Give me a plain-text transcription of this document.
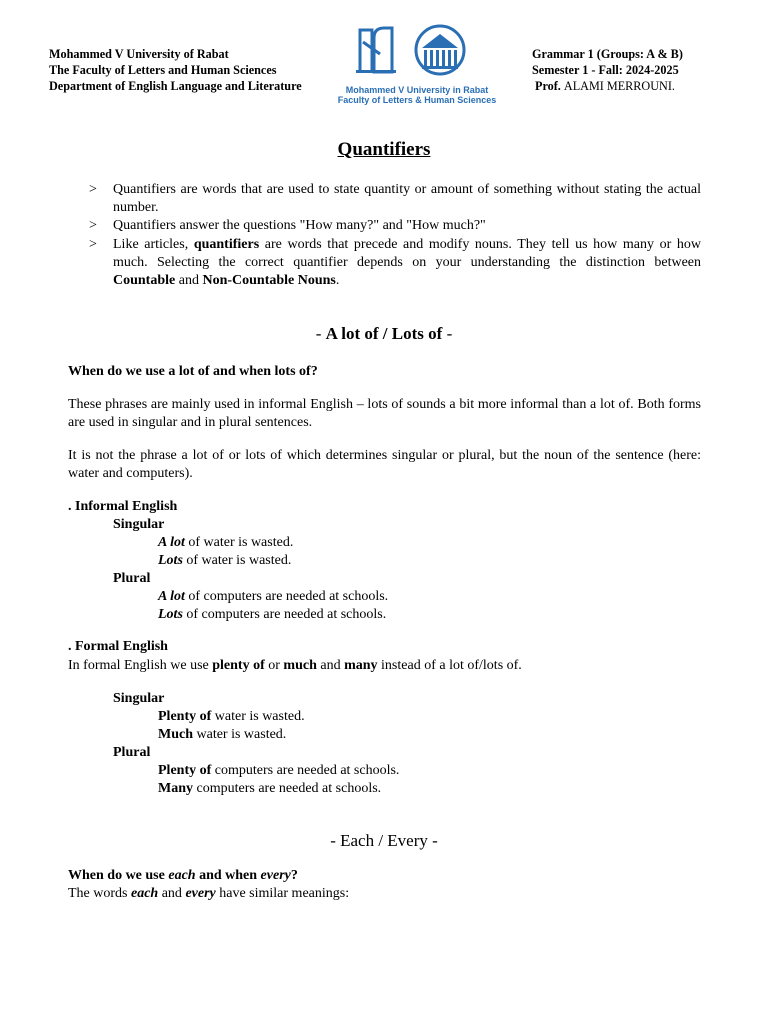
Mohammed V University of Rabat
The Faculty of Letters and Human Sciences
Department of English Language and Literature	Mohammed V University in Rabat
Faculty of Letters & Human Sciences
Grammar 1 (Groups: A & B)
Semester 1 - Fall: 2024-2025
Prof. ALAMI MERROUNI.
Quantifiers
> Quantifiers are words that are used to state quantity or amount of something without stating the actual number.
> Quantifiers answer the questions "How many?" and "How much?"
> Like articles, quantifiers are words that precede and modify nouns. They tell us how many or how much. Selecting the correct quantifier depends on your understanding the distinction between Countable and Non-Countable Nouns.
- A lot of / Lots of -
When do we use a lot of and when lots of?
These phrases are mainly used in informal English – lots of sounds a bit more informal than a lot of. Both forms are used in singular and in plural sentences.
It is not the phrase a lot of or lots of which determines singular or plural, but the noun of the sentence (here: water and computers).
. Informal English
Singular
A lot of water is wasted.
Lots of water is wasted.
Plural
A lot of computers are needed at schools.
Lots of computers are needed at schools.
. Formal English
In formal English we use plenty of or much and many instead of a lot of/lots of.
Singular
Plenty of water is wasted.
Much water is wasted.
Plural
Plenty of computers are needed at schools.
Many computers are needed at schools.
- Each / Every -
When do we use each and when every?
The words each and every have similar meanings:
